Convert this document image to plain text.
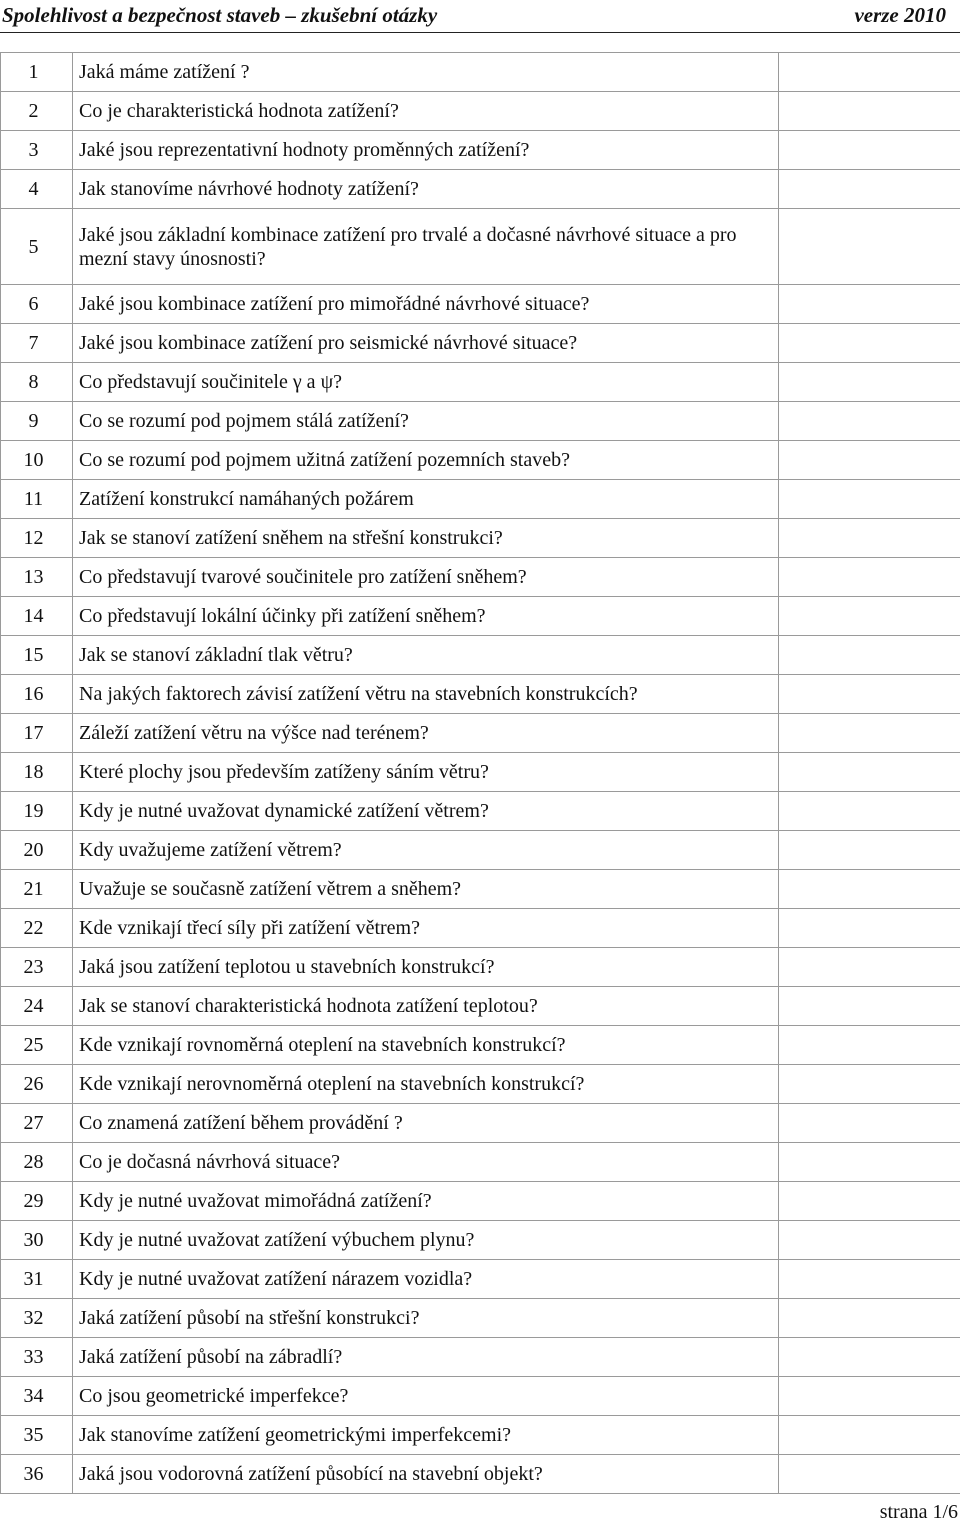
Spolehlivost a bezpečnost staveb – zkušební otázky	verze 2010
1	Jaká máme zatížení ?	
2	Co je charakteristická hodnota zatížení?	
3	Jaké jsou reprezentativní hodnoty proměnných zatížení?	
4	Jak stanovíme návrhové hodnoty zatížení?	
5	Jaké jsou základní kombinace zatížení pro trvalé a dočasné návrhové situace a pro mezní stavy únosnosti?	
6	Jaké jsou kombinace zatížení pro mimořádné návrhové situace?	
7	Jaké jsou kombinace zatížení pro seismické návrhové situace?	
8	Co představují součinitele γ a ψ?	
9	Co se rozumí pod pojmem stálá zatížení?	
10	Co se rozumí pod pojmem užitná zatížení pozemních staveb?	
11	Zatížení konstrukcí namáhaných požárem	
12	Jak se stanoví zatížení sněhem na střešní konstrukci?	
13	Co představují tvarové součinitele pro zatížení sněhem?	
14	Co představují lokální účinky při zatížení sněhem?	
15	Jak se stanoví základní tlak větru?	
16	Na jakých faktorech závisí zatížení větru na stavebních konstrukcích?	
17	Záleží zatížení větru na výšce nad terénem?	
18	Které plochy jsou především zatíženy sáním větru?	
19	Kdy je nutné uvažovat dynamické zatížení větrem?	
20	Kdy uvažujeme zatížení větrem?	
21	Uvažuje se současně zatížení větrem a sněhem?	
22	Kde vznikají třecí síly při zatížení větrem?	
23	Jaká jsou zatížení teplotou u stavebních konstrukcí?	
24	Jak se stanoví charakteristická hodnota zatížení teplotou?	
25	Kde vznikají rovnoměrná oteplení na stavebních konstrukcí?	
26	Kde vznikají nerovnoměrná oteplení na stavebních konstrukcí?	
27	Co znamená zatížení během provádění ?	
28	Co je dočasná návrhová situace?	
29	Kdy je nutné uvažovat mimořádná zatížení?	
30	Kdy je nutné uvažovat zatížení výbuchem plynu?	
31	Kdy je nutné uvažovat zatížení nárazem vozidla?	
32	Jaká zatížení působí na střešní konstrukci?	
33	Jaká zatížení působí na zábradlí?	
34	Co jsou geometrické imperfekce?	
35	Jak stanovíme zatížení geometrickými imperfekcemi?	
36	Jaká jsou vodorovná zatížení působící na stavební objekt?	
strana 1/6
